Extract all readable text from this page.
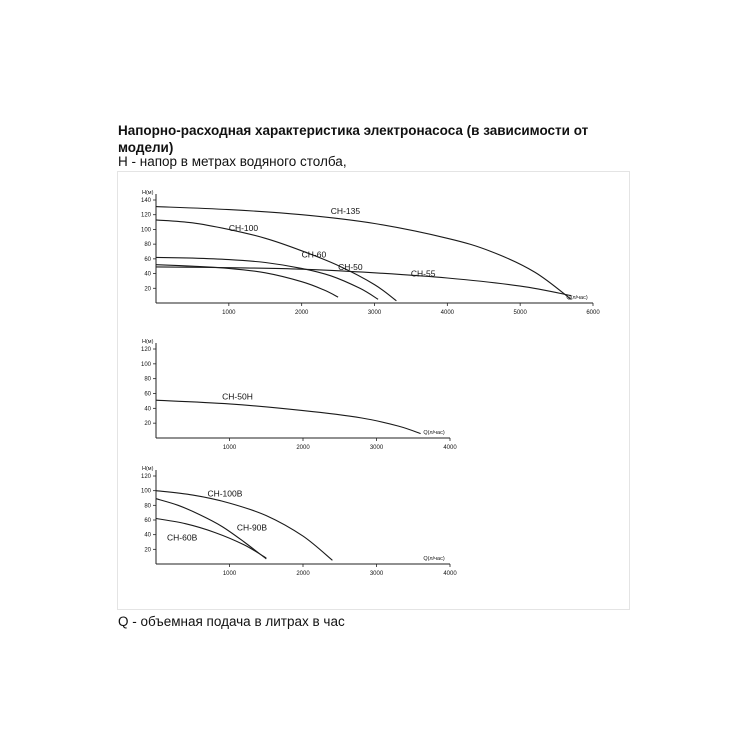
Напорно-расходная характеристика электронасоса (в зависимости от модели)
H - напор в метрах водяного столба,
Q - объемная подача в литрах в час
20
40
60
80
100
120
140
1000	2000	3000	4000	5000	6000
H(м)
Q(л/час)
CH-135
CH-100
CH-60
CH-50
CH-55
20
40
60
80
100
120
1000	2000	3000	4000
H(м)
Q(л/час)
CH-50H
20
40
60
80
100
120
1000	2000	3000	4000
H(м)
Q(л/час)
CH-100B
CH-90B
CH-60B
